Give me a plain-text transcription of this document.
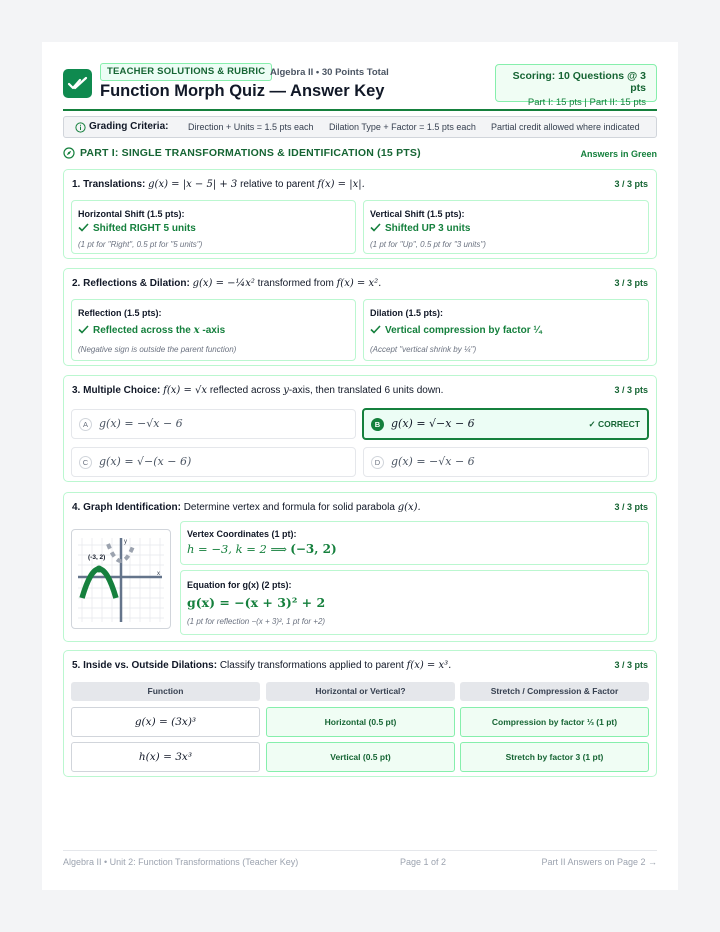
TEACHER SOLUTIONS & RUBRIC Algebra II • 30 Points Total
Function Morph Quiz — Answer Key
Scoring: 10 Questions @ 3 pts
Part I: 15 pts | Part II: 15 pts
Grading Criteria: Direction + Units = 1.5 pts each Dilation Type + Factor = 1.5 pts each Partial credit allowed where indicated
PART I: SINGLE TRANSFORMATIONS & IDENTIFICATION (15 PTS)	Answers in Green
1. Translations: g(x) = |x − 5| + 3 relative to parent f(x) = |x|.	3 / 3 pts
Horizontal Shift (1.5 pts):
Shifted RIGHT 5 units
(1 pt for "Right", 0.5 pt for "5 units")
Vertical Shift (1.5 pts):
Shifted UP 3 units
(1 pt for "Up", 0.5 pt for "3 units")
2. Reflections & Dilation: g(x) = −¼x² transformed from f(x) = x².	3 / 3 pts
Reflection (1.5 pts):
Reflected across the x -axis
(Negative sign is outside the parent function)
Dilation (1.5 pts):
Vertical compression by factor ¼
(Accept "vertical shrink by ¼")
3. Multiple Choice: f(x) = √x reflected across y-axis, then translated 6 units down.	3 / 3 pts
A	g(x) = −√x − 6	B g(x) = √−x − 6	✓ CORRECT
C g(x) = √−(x − 6)	D g(x) = −√x − 6
4. Graph Identification: Determine vertex and formula for solid parabola g(x).	3 / 3 pts
(-3, 2)
x
y
Vertex Coordinates (1 pt):
h = −3, k = 2 ⟹ (−3, 2)
Equation for g(x) (2 pts):
g(x) = −(x + 3)² + 2
(1 pt for reflection −(x + 3)², 1 pt for +2)
5. Inside vs. Outside Dilations: Classify transformations applied to parent f(x) = x³.	3 / 3 pts
Function	Horizontal or Vertical?	Stretch / Compression & Factor
g(x) = (3x)³	Horizontal (0.5 pt)	Compression by factor ⅓ (1 pt)
h(x) = 3x³	Vertical (0.5 pt)	Stretch by factor 3 (1 pt)
Algebra II • Unit 2: Function Transformations (Teacher Key)	Page 1 of 2	Part II Answers on Page 2 →
